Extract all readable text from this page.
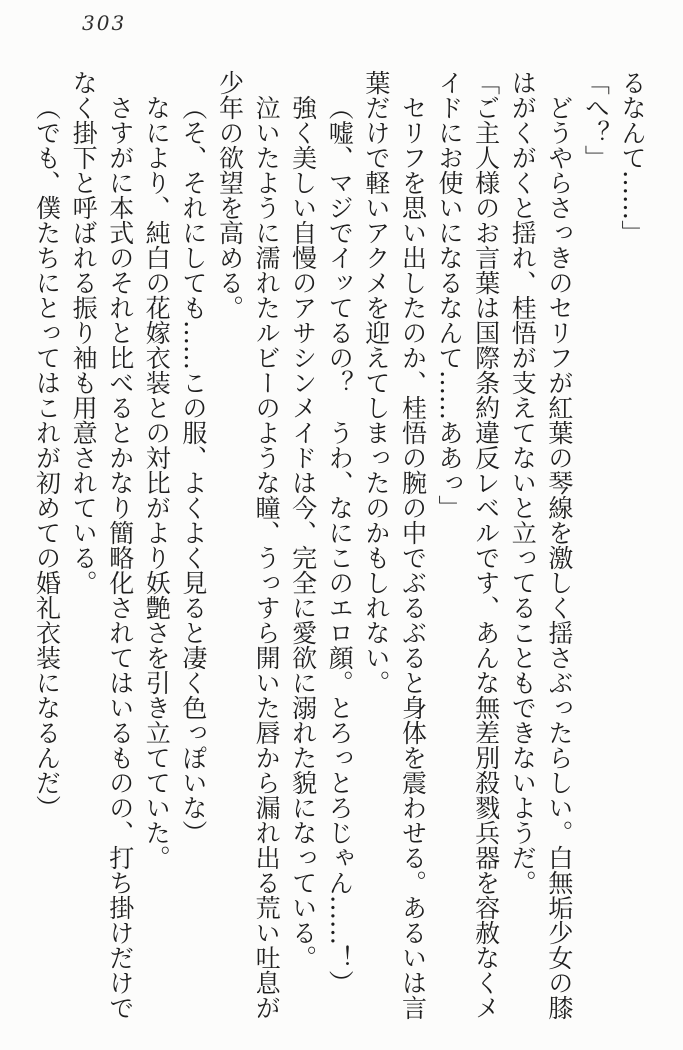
303
るなんて……」
「へ？」
どうやらさっきのセリフが紅葉の琴線を激しく揺さぶったらしい。白無垢少女の膝
はがくがくと揺れ、桂悟が支えてないと立ってることもできないようだ。
「ご主人様のお言葉は国際条約違反レベルです、あんな無差別殺戮兵器を容赦なくメ
イドにお使いになるなんて……ああっ」
セリフを思い出したのか、桂悟の腕の中でぶるぶると身体を震わせる。あるいは言
葉だけで軽いアクメを迎えてしまったのかもしれない。
（嘘、マジでイッてるの？　うわ、なにこのエロ顔。とろっとろじゃん……！）
強く美しい自慢のアサシンメイドは今、完全に愛欲に溺れた貌になっている。
泣いたように濡れたルビーのような瞳、うっすら開いた唇から漏れ出る荒い吐息が
少年の欲望を高める。
（そ、それにしても……この服、よくよく見ると凄く色っぽいな）
なにより、純白の花嫁衣装との対比がより妖艶さを引き立てていた。
さすがに本式のそれと比べるとかなり簡略化されてはいるものの、打ち掛けだけで
なく掛下と呼ばれる振り袖も用意されている。
（でも、僕たちにとってはこれが初めての婚礼衣装になるんだ）
